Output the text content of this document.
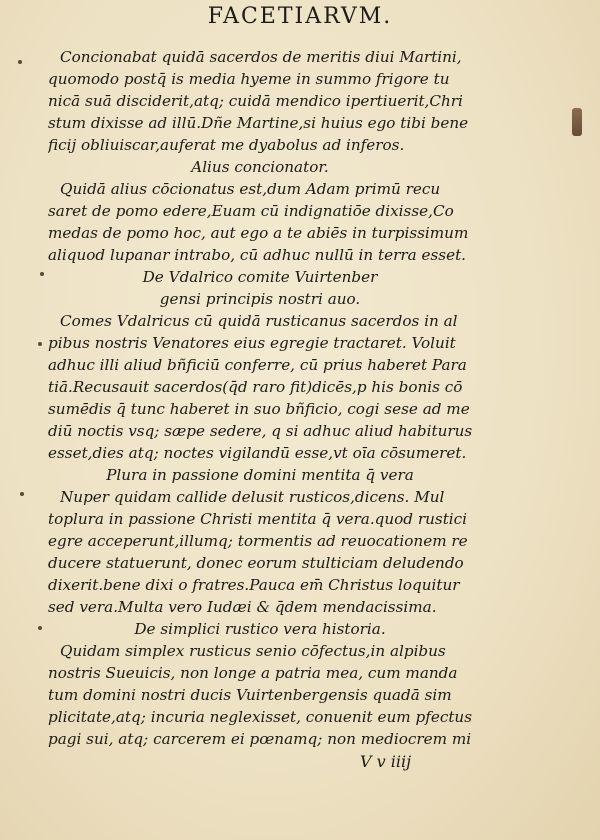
FACETIARVM.
Concionabat quidā sacerdos de meritis diui Martini,
quomodo postq̄ is media hyeme in summo frigore tu
nicā suā disciderit,atq; cuidā mendico ipertiuerit,Chri
stum dixisse ad illū.Dñe Martine,si huius ego tibi bene
ficij obliuiscar,auferat me dyabolus ad inferos.
Alius concionator.
Quidā alius cōcionatus est,dum Adam primū recu
saret de pomo edere,Euam cū indignatiōe dixisse,Co
medas de pomo hoc, aut ego a te abiēs in turpissimum
aliquod lupanar intrabo, cū adhuc nullū in terra esset.
De Vdalrico comite Vuirtenber
gensi principis nostri auo.
Comes Vdalricus cū quidā rusticanus sacerdos in al
pibus nostris Venatores eius egregie tractaret. Voluit
adhuc illi aliud bñficiū conferre, cū prius haberet Para
tiā.Recusauit sacerdos(q̄d raro fit)dicēs,p his bonis cō
sumēdis q̄ tunc haberet in suo bñficio, cogi sese ad me
diū noctis vsq; sæpe sedere, q si adhuc aliud habiturus
esset,dies atq; noctes vigilandū esse,vt oīa cōsumeret.
Plura in passione domini mentita q̄ vera
Nuper quidam callide delusit rusticos,dicens. Mul
toplura in passione Christi mentita q̄ vera.quod rustici
egre acceperunt,illumq; tormentis ad reuocationem re
ducere statuerunt, donec eorum stulticiam deludendo
dixerit.bene dixi o fratres.Pauca em̄ Christus loquitur
sed vera.Multa vero Iudæi & q̄dem mendacissima.
De simplici rustico vera historia.
Quidam simplex rusticus senio cōfectus,in alpibus
nostris Sueuicis, non longe a patria mea, cum manda
tum domini nostri ducis Vuirtenbergensis quadā sim
plicitate,atq; incuria neglexisset, conuenit eum pfectus
pagi sui, atq; carcerem ei pœnamq; non mediocrem mi
V v iiij
